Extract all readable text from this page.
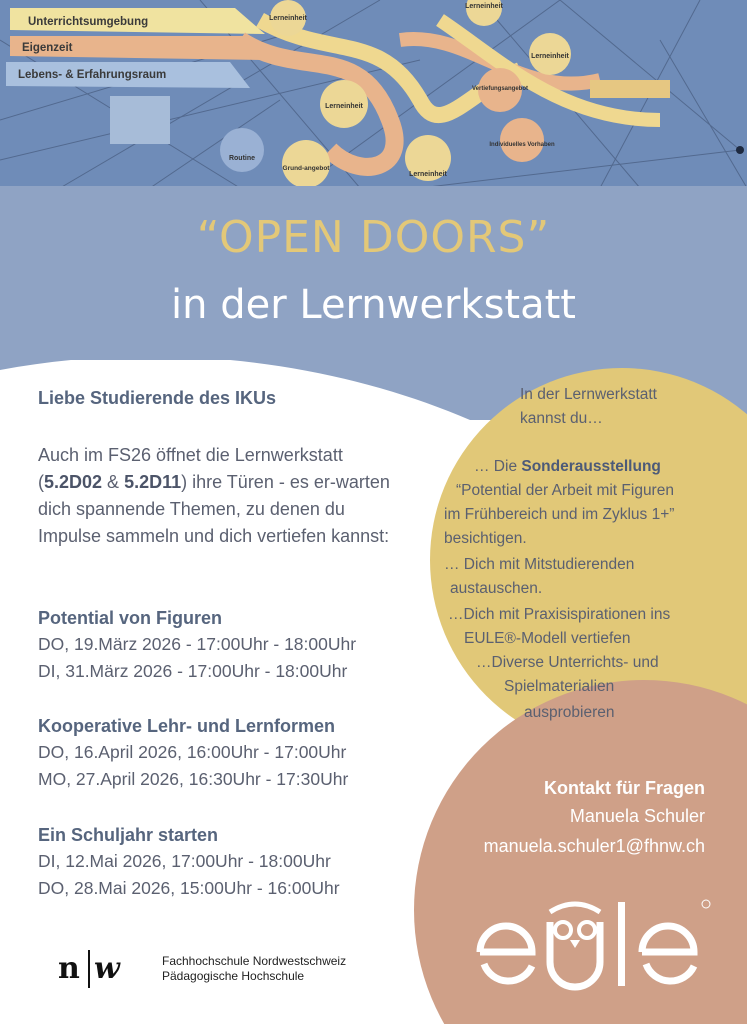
Unterrichtsumgebung
Eigenzeit
Lebens- & Erfahrungsraum
Lerneinheit
Lerneinheit
Lerneinheit
Lerneinheit
Lerneinheit
Vertiefungsangebot
Individuelles Vorhaben
Routine
Grund-angebot
“OPEN DOORS”
in der Lernwerkstatt
Liebe Studierende des IKUs
Auch im FS26 öffnet die Lernwerkstatt (5.2D02 & 5.2D11) ihre Türen - es er-warten dich spannende Themen, zu denen du Impulse sammeln und dich vertiefen kannst:
Potential von Figuren
DO, 19.März 2026 - 17:00Uhr - 18:00Uhr
DI, 31.März 2026 - 17:00Uhr - 18:00Uhr
Kooperative Lehr- und Lernformen
DO, 16.April 2026, 16:00Uhr - 17:00Uhr
MO, 27.April 2026, 16:30Uhr - 17:30Uhr
Ein Schuljahr starten
DI, 12.Mai 2026, 17:00Uhr - 18:00Uhr
DO, 28.Mai 2026, 15:00Uhr - 16:00Uhr
In der Lernwerkstatt
kannst du…
… Die Sonderausstellung
“Potential der Arbeit mit Figuren
im Frühbereich und im Zyklus 1+”
besichtigen.
… Dich mit Mitstudierenden
austauschen.
…Dich mit Praxisispirationen ins
EULE®-Modell vertiefen
…Diverse Unterrichts- und
Spielmaterialien
ausprobieren
Kontakt für Fragen
Manuela Schuler
manuela.schuler1@fhnw.ch
n w	Fachhochschule Nordwestschweiz
Pädagogische Hochschule
